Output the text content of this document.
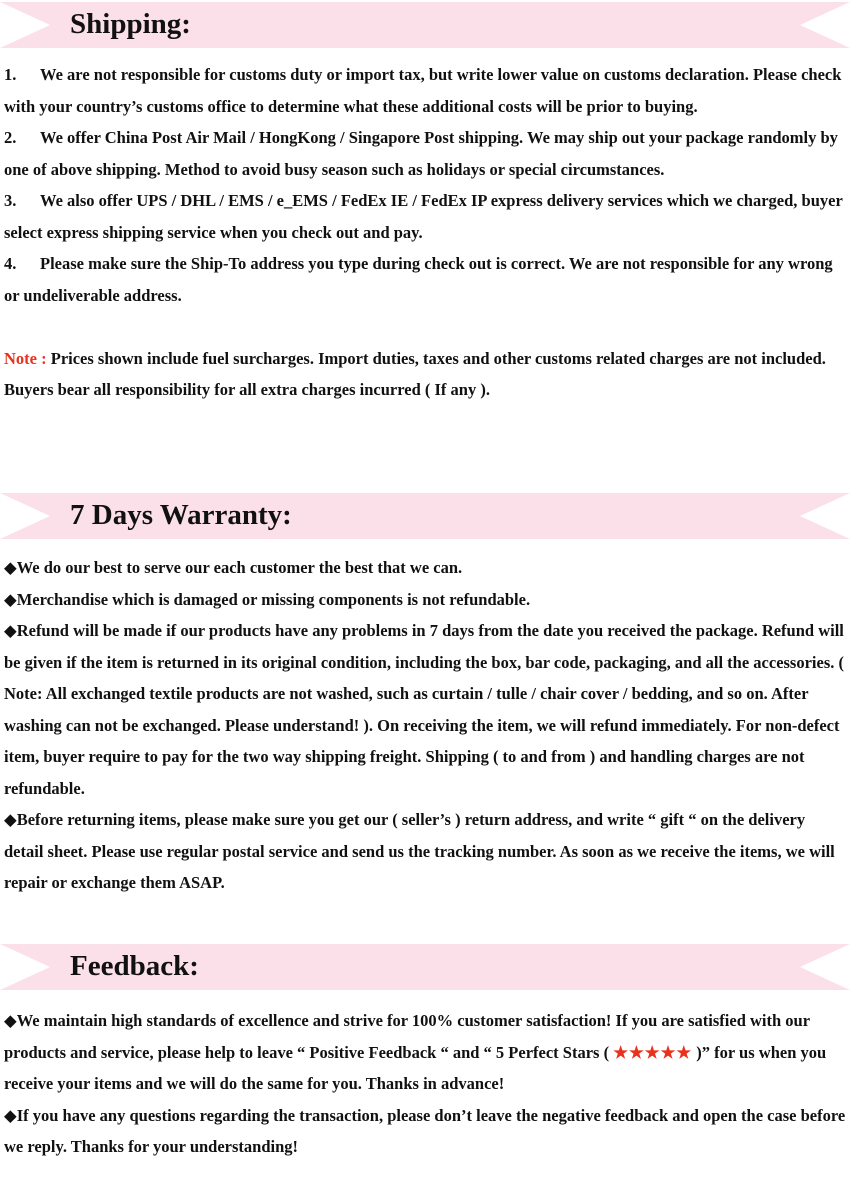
Shipping:

1. We are not responsible for customs duty or import tax, but write lower value on customs declaration. Please check with your country’s customs office to determine what these additional costs will be prior to buying.

2. We offer China Post Air Mail / HongKong / Singapore Post shipping. We may ship out your package randomly by one of above shipping. Method to avoid busy season such as holidays or special circumstances.

3. We also offer UPS / DHL / EMS / e_EMS / FedEx IE / FedEx IP express delivery services which we charged, buyer select express shipping service when you check out and pay.

4. Please make sure the Ship-To address you type during check out is correct. We are not responsible for any wrong or undeliverable address.

Note : Prices shown include fuel surcharges. Import duties, taxes and other customs related charges are not included. Buyers bear all responsibility for all extra charges incurred ( If any ).

7 Days Warranty:

◆We do our best to serve our each customer the best that we can.

◆Merchandise which is damaged or missing components is not refundable.

◆Refund will be made if our products have any problems in 7 days from the date you received the package. Refund will be given if the item is returned in its original condition, including the box, bar code, packaging, and all the accessories. ( Note: All exchanged textile products are not washed, such as curtain / tulle / chair cover / bedding, and so on. After washing can not be exchanged. Please understand! ). On receiving the item, we will refund immediately. For non-defect item, buyer require to pay for the two way shipping freight. Shipping ( to and from ) and handling charges are not refundable.

◆Before returning items, please make sure you get our ( seller’s ) return address, and write “ gift “ on the delivery detail sheet. Please use regular postal service and send us the tracking number. As soon as we receive the items, we will repair or exchange them ASAP.

Feedback:

◆We maintain high standards of excellence and strive for 100% customer satisfaction! If you are satisfied with our products and service, please help to leave “ Positive Feedback “ and “ 5 Perfect Stars ( ★★★★★ )” for us when you receive your items and we will do the same for you. Thanks in advance!

◆If you have any questions regarding the transaction, please don’t leave the negative feedback and open the case before we reply. Thanks for your understanding!
